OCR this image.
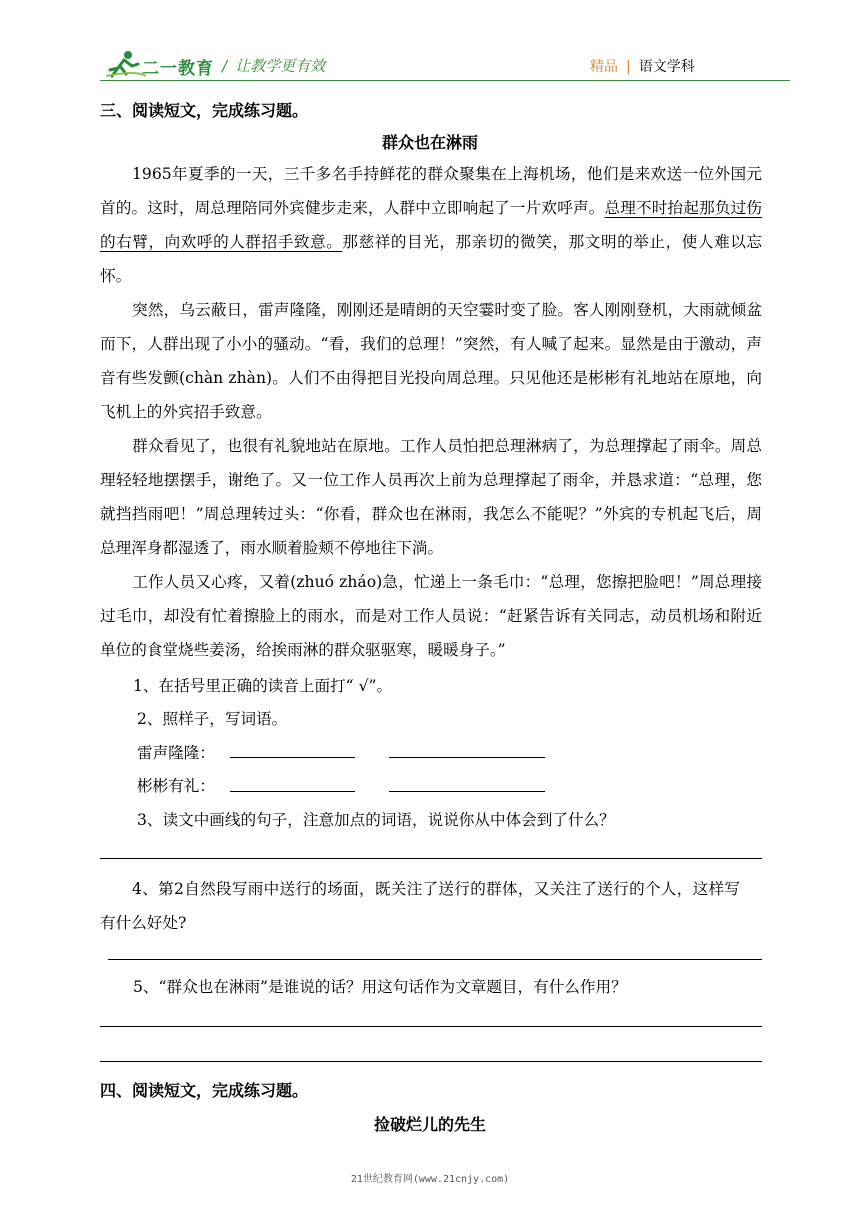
二一教育 / 让教学更有效	精品 | 语文学科
三、阅读短文，完成练习题。
群众也在淋雨
1965年夏季的一天，三千多名手持鲜花的群众聚集在上海机场，他们是来欢送一位外国元首的。这时，周总理陪同外宾健步走来，人群中立即响起了一片欢呼声。总理不时抬起那负过伤的右臂，向欢呼的人群招手致意。那慈祥的目光，那亲切的微笑，那文明的举止，使人难以忘怀。
突然，乌云蔽日，雷声隆隆，刚刚还是晴朗的天空霎时变了脸。客人刚刚登机，大雨就倾盆而下，人群出现了小小的骚动。“看，我们的总理！”突然，有人喊了起来。显然是由于激动，声音有些发颤(chàn zhàn)。人们不由得把目光投向周总理。只见他还是彬彬有礼地站在原地，向飞机上的外宾招手致意。
群众看见了，也很有礼貌地站在原地。工作人员怕把总理淋病了，为总理撑起了雨伞。周总理轻轻地摆摆手，谢绝了。又一位工作人员再次上前为总理撑起了雨伞，并恳求道：“总理，您就挡挡雨吧！”周总理转过头：“你看，群众也在淋雨，我怎么不能呢？”外宾的专机起飞后，周总理浑身都湿透了，雨水顺着脸颊不停地往下淌。
工作人员又心疼，又着(zhuó zháo)急，忙递上一条毛巾：“总理，您擦把脸吧！”周总理接过毛巾，却没有忙着擦脸上的雨水，而是对工作人员说：“赶紧告诉有关同志，动员机场和附近单位的食堂烧些姜汤，给挨雨淋的群众驱驱寒，暖暖身子。”
1、在括号里正确的读音上面打“ √”。
2、照样子，写词语。
雷声隆隆：
彬彬有礼：
3、读文中画线的句子，注意加点的词语，说说你从中体会到了什么？
4、第2自然段写雨中送行的场面，既关注了送行的群体，又关注了送行的个人，这样写有什么好处?
5、“群众也在淋雨”是谁说的话？用这句话作为文章题目，有什么作用？
四、阅读短文，完成练习题。
捡破烂儿的先生
21世纪教育网(www.21cnjy.com)
